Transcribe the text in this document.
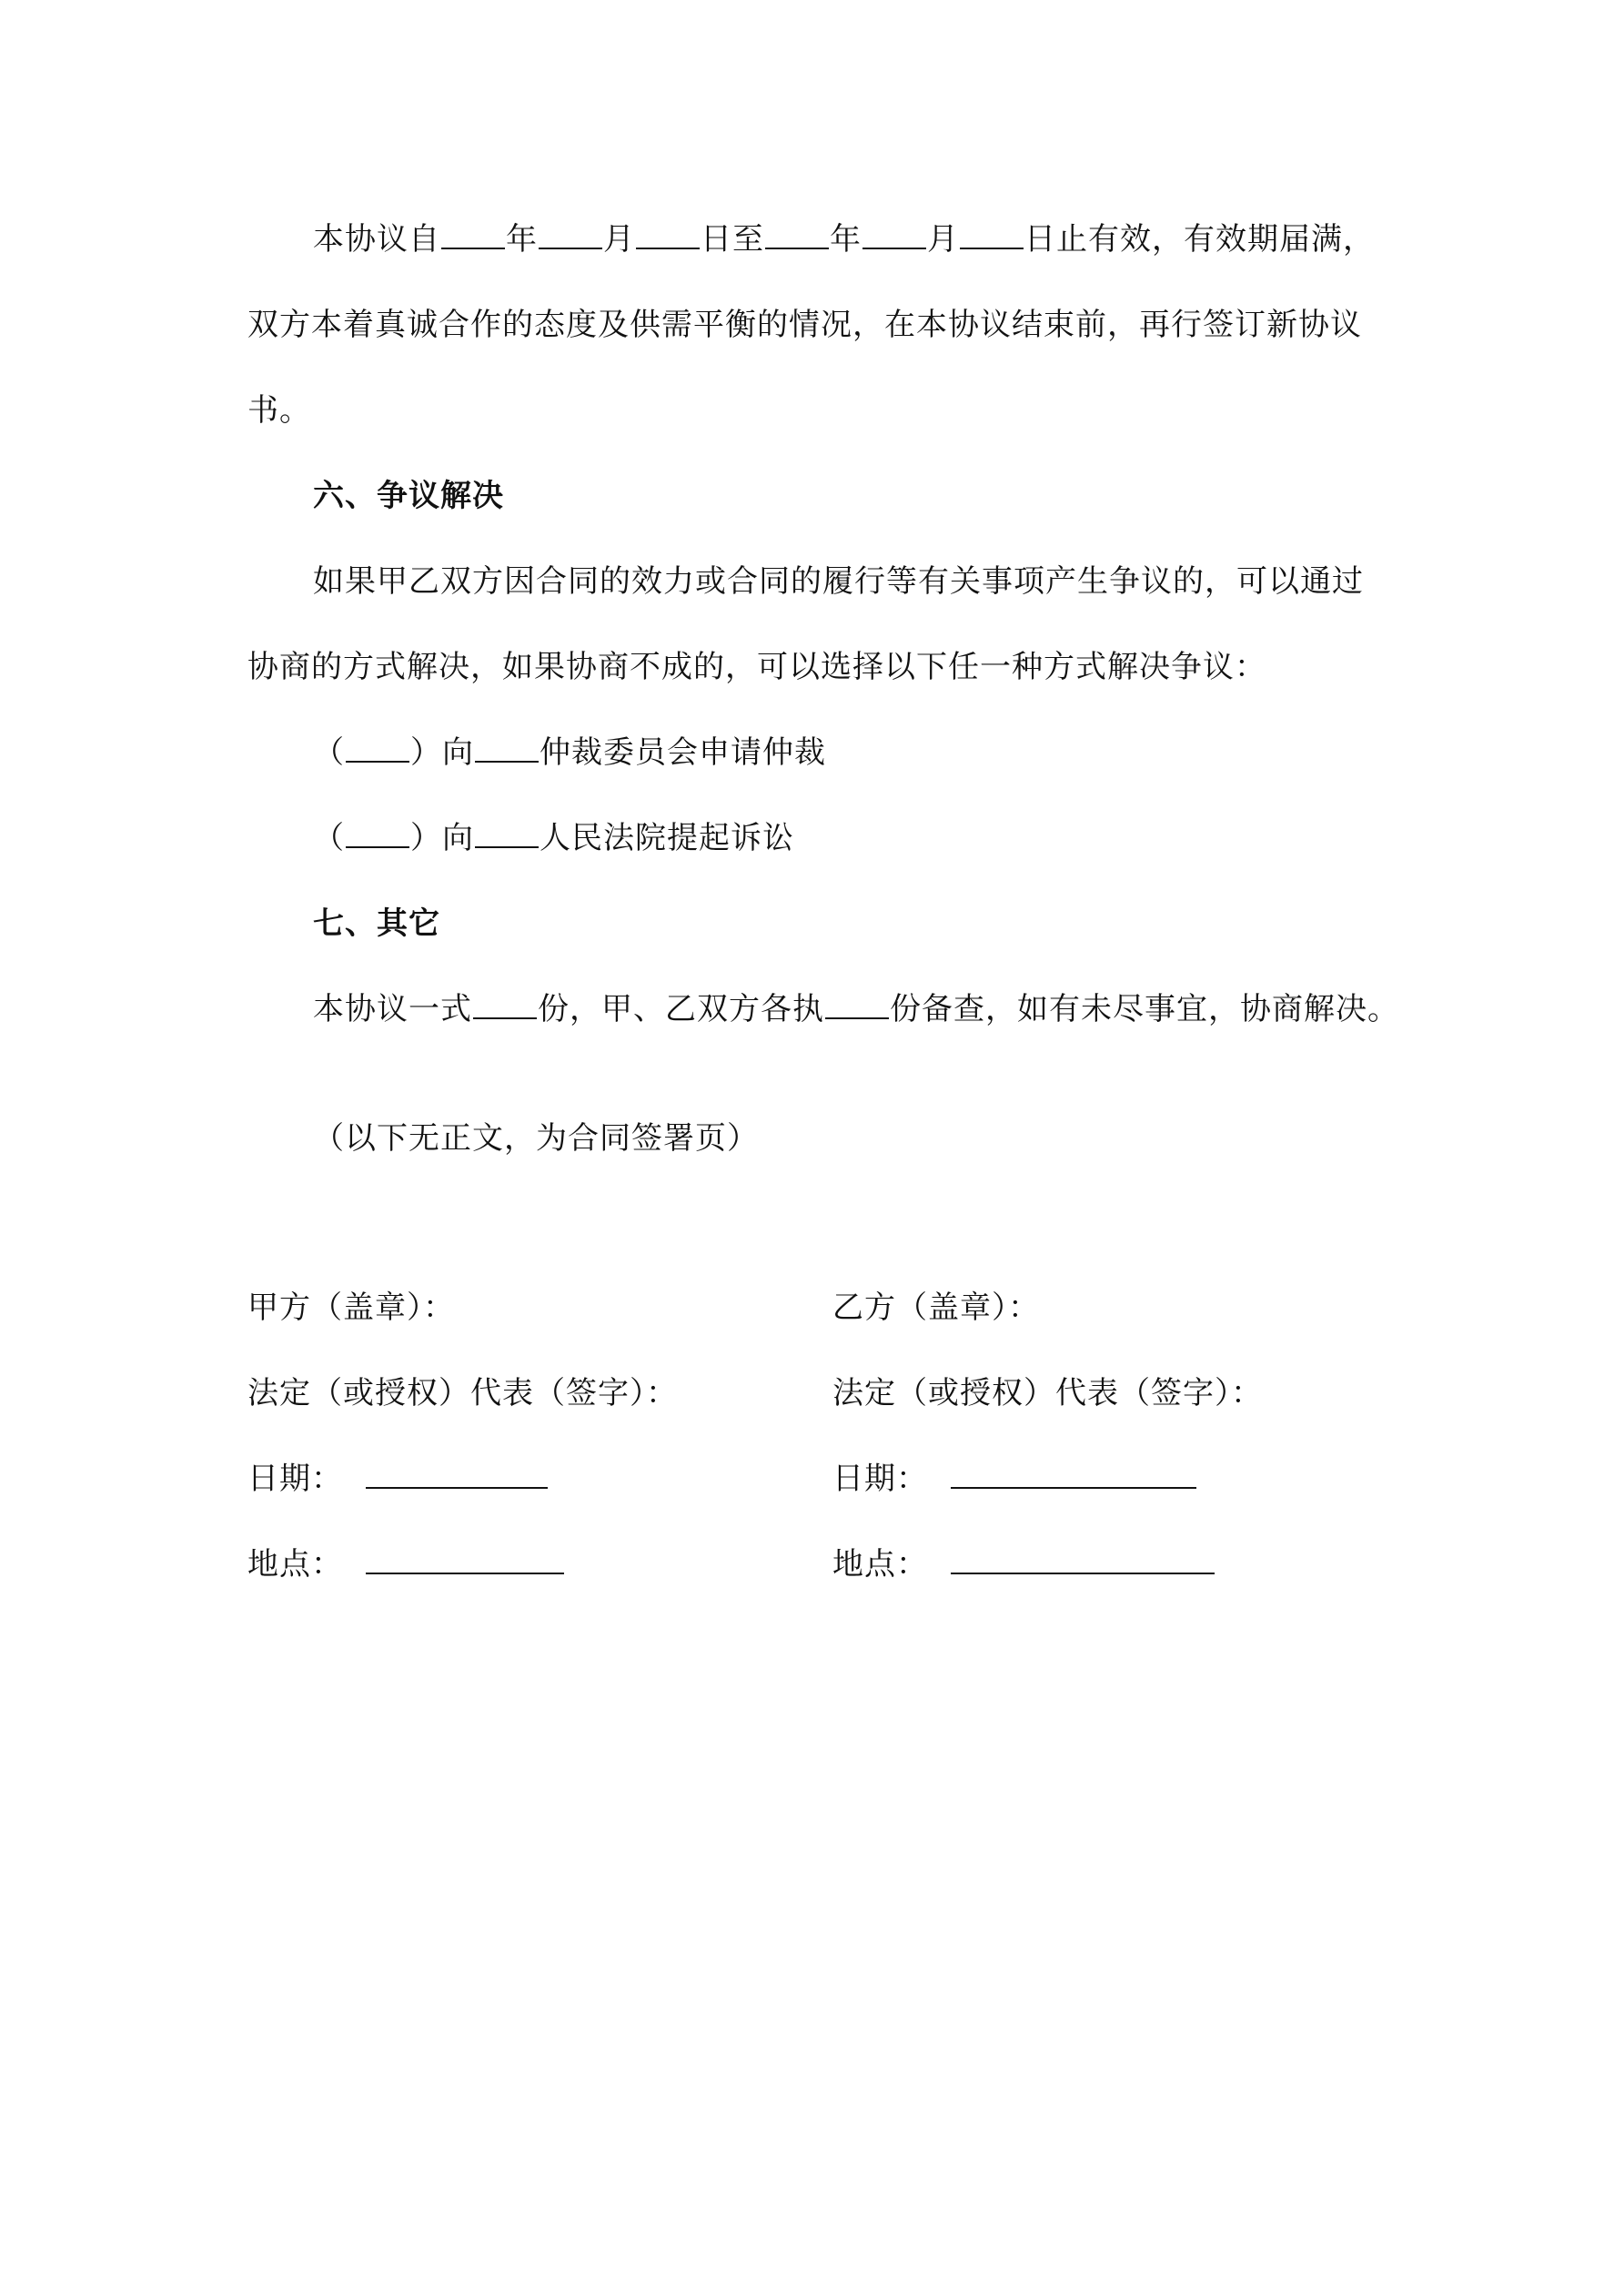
本协议自 年 月 日至 年 月 日止有效，有效期届满，
双方本着真诚合作的态度及供需平衡的情况，在本协议结束前，再行签订新协议
书。
六、争议解决
如果甲乙双方因合同的效力或合同的履行等有关事项产生争议的，可以通过
协商的方式解决，如果协商不成的，可以选择以下任一种方式解决争议：
（ ）向 仲裁委员会申请仲裁
（ ）向 人民法院提起诉讼
七、其它
本协议一式 份，甲、乙双方各执 份备查，如有未尽事宜，协商解决。
（以下无正文，为合同签署页）
甲方（盖章）：
法定（或授权）代表（签字）：
日期：
地点：
乙方（盖章）：
法定（或授权）代表（签字）：
日期：
地点：
